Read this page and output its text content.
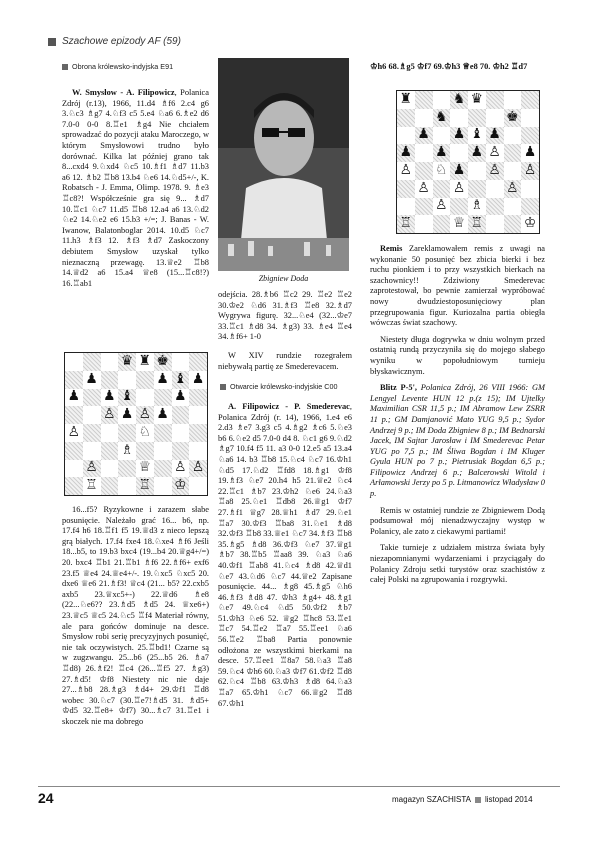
Szachowe epizody AF (59)
Obrona królewsko-indyjska E91

W. Smysłow - A. Filipowicz, Polanica Zdrój (r.13), 1966, 11.d4 ♗f6 2.c4 g6 3.♘c3 ♗g7 4.♘f3 c5 5.e4 ♘a6 6.♗e2 d6 7.0-0 0-0 8.♖e1 ♗g4 Nie chciałem sprowadzać do pozycji ataku Maroczego, w którym Smysłowowi trudno było dorównać. Kilka lat później grano tak 8...cxd4 9.♘xd4 ♘c5 10.♗f1 ♗d7 11.b3 a6 12. ♗b2 ♖b8 13.b4 ♘e6 14.♘d5+/-, K. Robatsch - J. Emma, Olimp. 1978. 9. ♗e3 ♖c8?! Współcześnie gra się 9... ♗d7 10.♖c1 ♘c7 11.d5 ♖b8 12.a4 a6 13.♘d2 ♘e2 14.♘e2 e6 15.b3 +/=; J. Banas - W. Iwanow, Balatonboglar 2014. 10.d5 ♘c7 11.h3 ♗f3 12. ♗f3 ♗d7 Zaskoczony debiutem Smysłow uzyskał tylko nieznaczną przewagę. 13.♕e2 ♖b8 14.♕d2 a6 15.a4 ♕e8 (15...♖c8!?) 16.♖ab1

♛ ♜ ♚
♟	♟ ♝ ♟
♟ ♟ ♝	♟
♙ ♟ ♙ ♟
♙	♘
♗
♙	♕ ♙ ♙
♖	♖ ♔

16...f5? Ryzykowne i zarazem słabe posunięcie. Należało grać 16... b6, np. 17.f4 h6 18.♖f1 f5 19.♕d3 z nieco lepszą grą białych. 17.f4 fxe4 18.♘xe4 ♗f6 Jeśli 18...b5, to 19.b3 bxc4 (19...b4 20.♕g4+/=) 20. bxc4 ♖b1 21.♖b1 ♗f6 22.♗f6+ exf6 23.f5 ♕e4 24.♕e4+/-. 19.♘xc5 ♘xc5 20. dxe6 ♕e6 21.♗f3! ♕c4 (21... b5? 22.cxb5 axb5 23.♕xc5+-) 22.♕d6 ♗e8 (22...♘e6?? 23.♗d5 ♗d5 24. ♕xe6+) 23.♕c5 ♕c5 24.♘c5 ♖f4 Materiał równy, ale para gońców dominuje na desce. Smysłow robi serię precyzyjnych posunięć, nie tak oczywistych. 25.♖bd1! Czarne są w zugzwangu. 25...b6 (25...b5 26. ♗a7 ♖d8) 26.♗f2! ♖c4 (26...♖f5 27. ♗g3) 27.♗d5! ♔f8 Niestety nic nie daje 27...♗b8 28.♗g3 ♗d4+ 29.♔f1 ♖d8 wobec 30.♘c7 (30.♖e7!♗d5 31. ♗d5+ ♔d5 32.♖e8+ ♔f7) 30...♗c7 31.♖e1 i skoczek nie ma dobrego

Zbigniew Doda

odejścia. 28.♗b6 ♖c2 29. ♖e2 ♖e2 30.♔e2 ♘d6 31.♗f3 ♖e8 32.♗d7 Wygrywa figurę. 32...♘e4 (32...♔e7 33.♖c1 ♗d8 34. ♗g3) 33. ♗e4 ♖e4 34.♗f6+ 1-0

W XIV rundzie rozegrałem niebywałą partię ze Smederevacem.

Otwarcie królewsko-indyjskie C00

A. Filipowicz - P. Smederevac, Polanica Zdrój (r. 14), 1966, 1.e4 e6 2.d3 ♗e7 3.g3 c5 4.♗g2 ♗c6 5.♘e3 b6 6.♘e2 d5 7.0-0 d4 8. ♘c1 g6 9.♘d2 ♗g7 10.f4 f5 11. a3 0-0 12.e5 a5 13.a4 ♘a6 14. b3 ♖b8 15.♘c4 ♘c7 16.♔h1 ♘d5 17.♘d2 ♖fd8 18.♗g1 ♔f8 19.♗f3 ♘e7 20.h4 h5 21.♕e2 ♘c4 22.♖c1 ♗b7 23.♔h2 ♘e6 24.♘a3 ♖a8 25.♘e1 ♖db8 26.♕g1 ♔f7 27.♗f1 ♕g7 28.♕h1 ♗d7 29.♘e1 ♖a7 30.♔f3 ♖ba8 31.♘e1 ♗d8 32.♔f3 ♖b8 33.♕e1 ♘c7 34.♗f3 ♖b8 35.♗g5 ♗d8 36.♔f3 ♘e7 37.♕g1 ♗b7 38.♖b5 ♖aa8 39. ♘a3 ♘a6 40.♔f1 ♖ab8 41.♘c4 ♗d8 42.♕d1 ♘e7 43.♘d6 ♘c7 44.♕e2 Zapisane posunięcie. 44... ♗g8 45.♗g5 ♘h6 46.♗f3 ♗d8 47. ♔h3 ♗g4+ 48.♗g1 ♘e7 49.♘c4 ♘d5 50.♔f2 ♗b7 51.♔h3 ♘e6 52. ♕g2 ♖hc8 53.♖e1 ♖c7 54.♖e2 ♖a7 55.♖ee1 ♘a6 56.♖e2 ♖ba8 Partia ponownie odłożona ze wszystkimi bierkami na desce. 57.♖ee1 ♖8a7 58.♘a3 ♖a8 59.♘c4 ♔h6 60.♘a3 ♔f7 61.♔f2 ♖d8 62.♘c4 ♖b8 63.♔h3 ♗d8 64.♘a3 ♖a7 65.♔h1 ♘c7 66.♕g2 ♖d8 67.♔h1

♔h6 68.♗g5 ♔f7 69.♔h3 ♕e8 70. ♔h2 ♖d7

♜	♞ ♛
♞	♚
♟ ♟ ♝ ♟
♟ ♟ ♟ ♙ ♟
♙ ♘ ♟ ♙ ♙
♙ ♙	♙
♙ ♗
♖	♕ ♖	♔

Remis Zareklamowałem remis z uwagi na wykonanie 50 posunięć bez zbicia bierki i bez ruchu pionkiem i to przy wszystkich bierkach na szachownicy!! Zdziwiony Smederevac zaprotestował, bo pewnie zamierzał wypróbować nowy dwudziestoposunięciowy plan przegrupowania figur. Kuriozalna partia obiegła wówczas świat szachowy.

Niestety długa dogrywka w dniu wolnym przed ostatnią rundą przyczyniła się do mojego słabego wyniku w popołudniowym turnieju błyskawicznym.

Blitz P-5', Polanica Zdrój, 26 VIII 1966: GM Lengyel Levente HUN 12 p.(z 15); IM Ujtelky Maximilian CSR 11,5 p.; IM Abramow Lew ZSRR 11 p.; GM Damjanović Mato YUG 9,5 p.; Sydor Andrzej 9 p.; IM Doda Zbigniew 8 p.; IM Bednarski Jacek, IM Sajtar Jarosław i IM Smederevac Petar YUG po 7,5 p.; IM Śliwa Bogdan i IM Kluger Gyula HUN po 7 p.; Pietrusiak Bogdan 6,5 p.; Filipowicz Andrzej 6 p.; Balcerowski Witold i Arłamowski Jerzy po 5 p. Litmanowicz Władysław 0 p.

Remis w ostatniej rundzie ze Zbigniewem Dodą podsumował mój nienadzwyczajny występ w Polanicy, ale zato z ciekawymi partiami!

Takie turnieje z udziałem mistrza świata były niezapomnianymi wydarzeniami i przyciągały do Polanicy Zdroju setki turystów oraz szachistów z całej Polski na zgrupowania i rozgrywki.

24	magazyn SZACHISTA listopad 2014
